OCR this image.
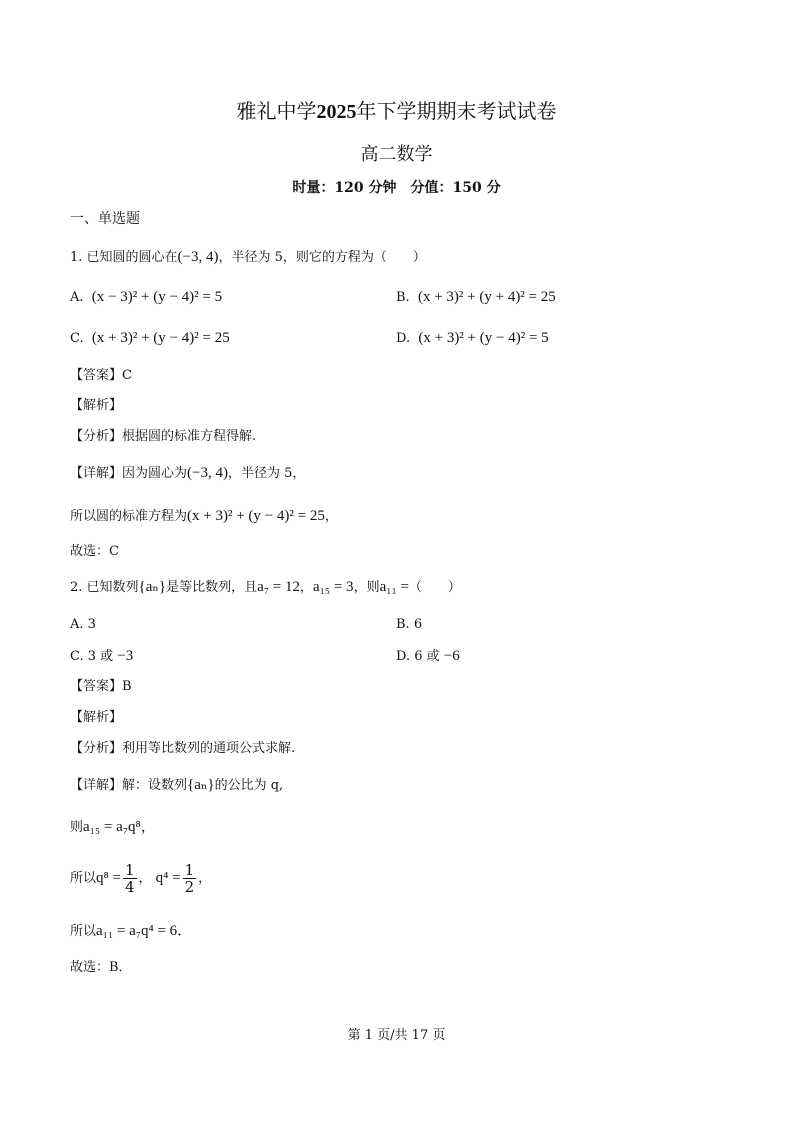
雅礼中学2025年下学期期末考试试卷
高二数学
时量：120 分钟　分值：150 分
一、单选题
1. 已知圆的圆心在(−3, 4)，半径为 5，则它的方程为（　　）
A. (x − 3)² + (y − 4)² = 5	B. (x + 3)² + (y + 4)² = 25
C. (x + 3)² + (y − 4)² = 25	D. (x + 3)² + (y − 4)² = 5
【答案】C
【解析】
【分析】根据圆的标准方程得解.
【详解】因为圆心为(−3, 4)，半径为 5，
所以圆的标准方程为(x + 3)² + (y − 4)² = 25，
故选：C
2. 已知数列{aₙ}是等比数列，且a₇ = 12，a₁₅ = 3，则a₁₁ =（　　）
A. 3	B. 6
C. 3 或 −3	D. 6 或 −6
【答案】B
【解析】
【分析】利用等比数列的通项公式求解.
【详解】解：设数列{aₙ}的公比为 q,
则a₁₅ = a₇q⁸，
所以$q^8 = \frac{1}{4}$ ， $q^4 = \frac{1}{2}$ ，
所以a₁₁ = a₇q⁴ = 6．
故选：B．
第 1 页/共 17 页
